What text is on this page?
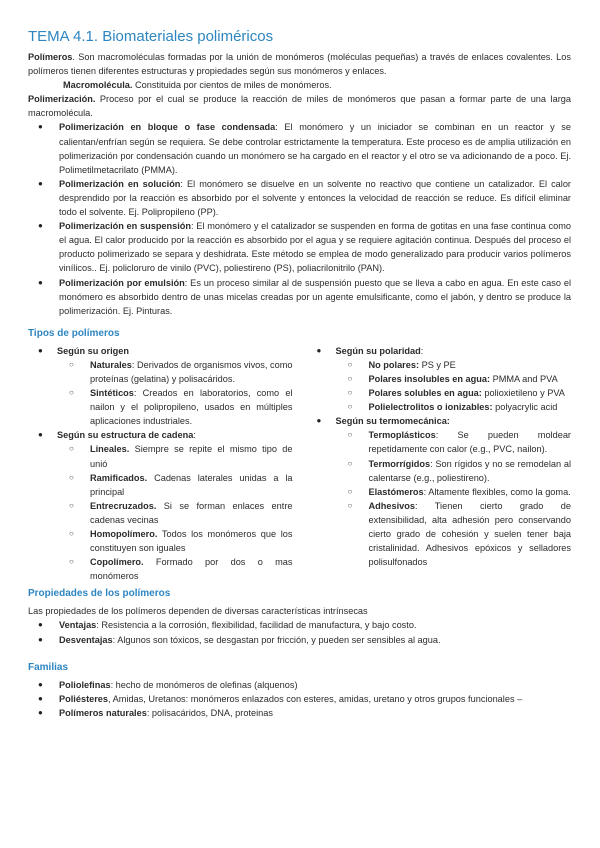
TEMA 4.1. Biomateriales poliméricos

Polímeros. Son macromoléculas formadas por la unión de monómeros (moléculas pequeñas) a través de enlaces covalentes. Los polímeros tienen diferentes estructuras y propiedades según sus monómeros y enlaces.

Macromolécula. Constituida por cientos de miles de monómeros.

Polimerización. Proceso por el cual se produce la reacción de miles de monómeros que pasan a formar parte de una larga macromolécula.

● Polimerización en bloque o fase condensada: El monómero y un iniciador se combinan en un reactor y se calientan/enfrían según se requiera. Se debe controlar estrictamente la temperatura. Este proceso es de amplia utilización en polimerización por condensación cuando un monómero se ha cargado en el reactor y el otro se va adicionando de a poco. Ej. Polimetilmetacrilato (PMMA).
● Polimerización en solución: El monómero se disuelve en un solvente no reactivo que contiene un catalizador. El calor desprendido por la reacción es absorbido por el solvente y entonces la velocidad de reacción se reduce. Es difícil eliminar todo el solvente. Ej. Polipropileno (PP).
● Polimerización en suspensión: El monómero y el catalizador se suspenden en forma de gotitas en una fase continua como el agua. El calor producido por la reacción es absorbido por el agua y se requiere agitación continua. Después del proceso el producto polimerizado se separa y deshidrata. Este método se emplea de modo generalizado para producir varios polímeros vinílicos.. Ej. policloruro de vinilo (PVC), poliestireno (PS), poliacrilonitrilo (PAN).
● Polimerización por emulsión: Es un proceso similar al de suspensión puesto que se lleva a cabo en agua. En este caso el monómero es absorbido dentro de unas micelas creadas por un agente emulsificante, como el jabón, y dentro se produce la polimerización. Ej. Pinturas.
Tipos de polímeros
● Según su origen
○ Naturales: Derivados de organismos vivos, como proteínas (gelatina) y polisacáridos.
○ Sintéticos: Creados en laboratorios, como el nailon y el polipropileno, usados en múltiples aplicaciones industriales.
● Según su estructura de cadena:
○ Lineales. Siempre se repite el mismo tipo de unió
○ Ramificados. Cadenas laterales unidas a la principal
○ Entrecruzados. Si se forman enlaces entre cadenas vecinas
○ Homopolímero. Todos los monómeros que los constituyen son iguales
○ Copolímero. Formado por dos o mas monómeros
● Según su polaridad:
○ No polares: PS y PE
○ Polares insolubles en agua: PMMA and PVA
○ Polares solubles en agua: polioxietileno y PVA
○ Polielectrolitos o ionizables: polyacrylic acid
● Según su termomecánica:
○ Termoplásticos: Se pueden moldear repetidamente con calor (e.g., PVC, nailon).
○ Termorrígidos: Son rígidos y no se remodelan al calentarse (e.g., poliestireno).
○ Elastómeros: Altamente flexibles, como la goma.
○ Adhesivos: Tienen cierto grado de extensibilidad, alta adhesión pero conservando cierto grado de cohesión y suelen tener baja cristalinidad. Adhesivos epóxicos y selladores polisulfonados
Propiedades de los polímeros

Las propiedades de los polímeros dependen de diversas características intrínsecas

● Ventajas: Resistencia a la corrosión, flexibilidad, facilidad de manufactura, y bajo costo.
● Desventajas: Algunos son tóxicos, se desgastan por fricción, y pueden ser sensibles al agua.
Familias
● Poliolefinas: hecho de monómeros de olefinas (alquenos)
● Poliésteres, Amidas, Uretanos: monómeros enlazados con esteres, amidas, uretano y otros grupos funcionales –
● Polímeros naturales: polisacáridos, DNA, proteinas
